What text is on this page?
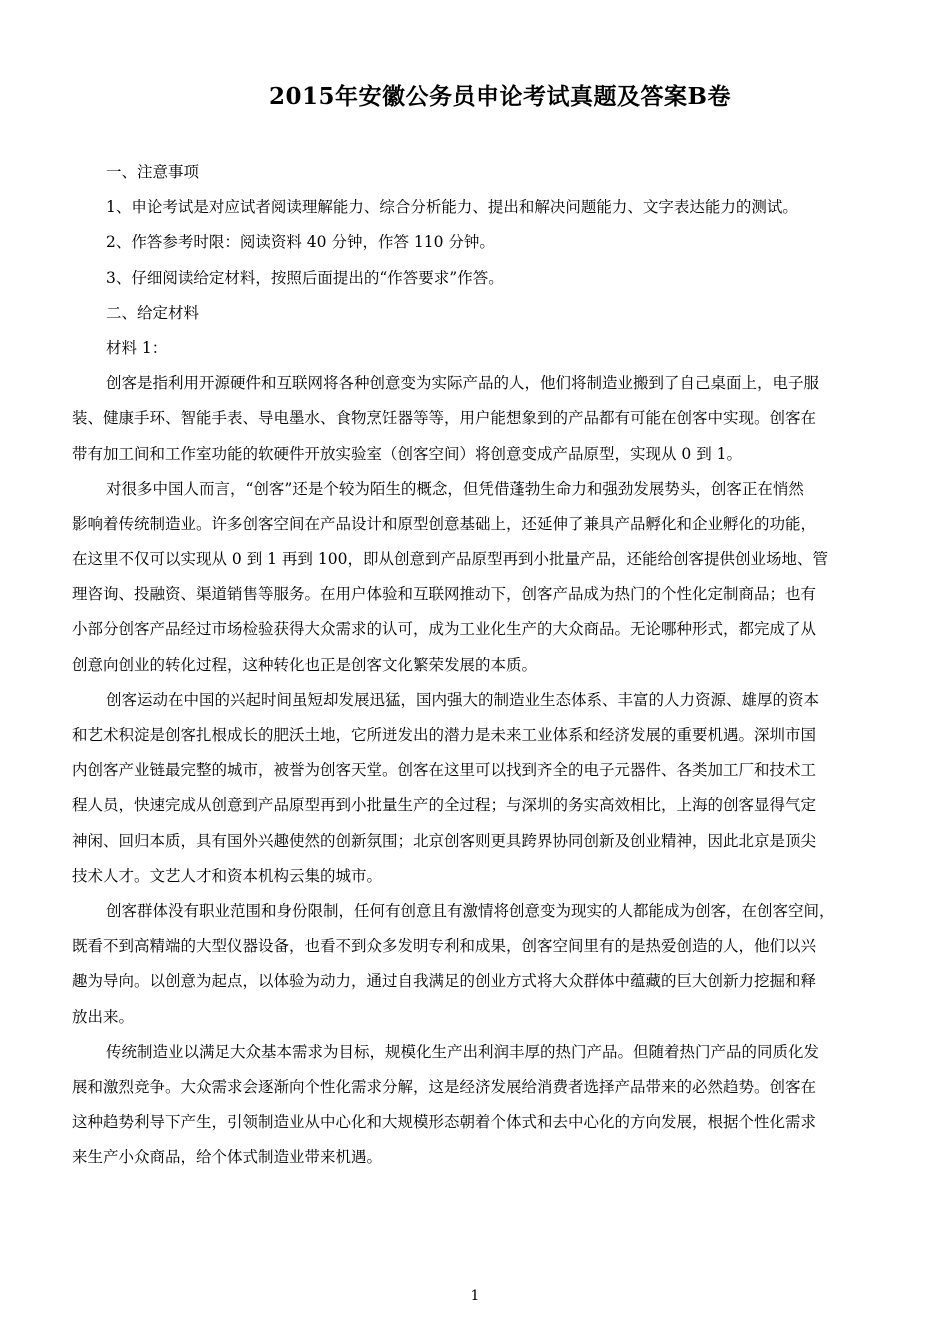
2015年安徽公务员申论考试真题及答案B卷
一、注意事项
1、申论考试是对应试者阅读理解能力、综合分析能力、提出和解决问题能力、文字表达能力的测试。
2、作答参考时限：阅读资料 40 分钟，作答 110 分钟。
3、仔细阅读给定材料，按照后面提出的“作答要求”作答。
二、给定材料
材料 1：
创客是指利用开源硬件和互联网将各种创意变为实际产品的人，他们将制造业搬到了自己桌面上，电子服
装、健康手环、智能手表、导电墨水、食物烹饪器等等，用户能想象到的产品都有可能在创客中实现。创客在
带有加工间和工作室功能的软硬件开放实验室（创客空间）将创意变成产品原型，实现从 0 到 1。
对很多中国人而言，“创客”还是个较为陌生的概念，但凭借蓬勃生命力和强劲发展势头，创客正在悄然
影响着传统制造业。许多创客空间在产品设计和原型创意基础上，还延伸了兼具产品孵化和企业孵化的功能，
在这里不仅可以实现从 0 到 1 再到 100，即从创意到产品原型再到小批量产品，还能给创客提供创业场地、管
理咨询、投融资、渠道销售等服务。在用户体验和互联网推动下，创客产品成为热门的个性化定制商品；也有
小部分创客产品经过市场检验获得大众需求的认可，成为工业化生产的大众商品。无论哪种形式，都完成了从
创意向创业的转化过程，这种转化也正是创客文化繁荣发展的本质。
创客运动在中国的兴起时间虽短却发展迅猛，国内强大的制造业生态体系、丰富的人力资源、雄厚的资本
和艺术积淀是创客扎根成长的肥沃土地，它所迸发出的潜力是未来工业体系和经济发展的重要机遇。深圳市国
内创客产业链最完整的城市，被誉为创客天堂。创客在这里可以找到齐全的电子元器件、各类加工厂和技术工
程人员，快速完成从创意到产品原型再到小批量生产的全过程；与深圳的务实高效相比，上海的创客显得气定
神闲、回归本质，具有国外兴趣使然的创新氛围；北京创客则更具跨界协同创新及创业精神，因此北京是顶尖
技术人才。文艺人才和资本机构云集的城市。
创客群体没有职业范围和身份限制，任何有创意且有激情将创意变为现实的人都能成为创客，在创客空间，
既看不到高精端的大型仪器设备，也看不到众多发明专利和成果，创客空间里有的是热爱创造的人，他们以兴
趣为导向。以创意为起点，以体验为动力，通过自我满足的创业方式将大众群体中蕴藏的巨大创新力挖掘和释
放出来。
传统制造业以满足大众基本需求为目标，规模化生产出利润丰厚的热门产品。但随着热门产品的同质化发
展和激烈竞争。大众需求会逐渐向个性化需求分解，这是经济发展给消费者选择产品带来的必然趋势。创客在
这种趋势利导下产生，引领制造业从中心化和大规模形态朝着个体式和去中心化的方向发展，根据个性化需求
来生产小众商品，给个体式制造业带来机遇。
1
